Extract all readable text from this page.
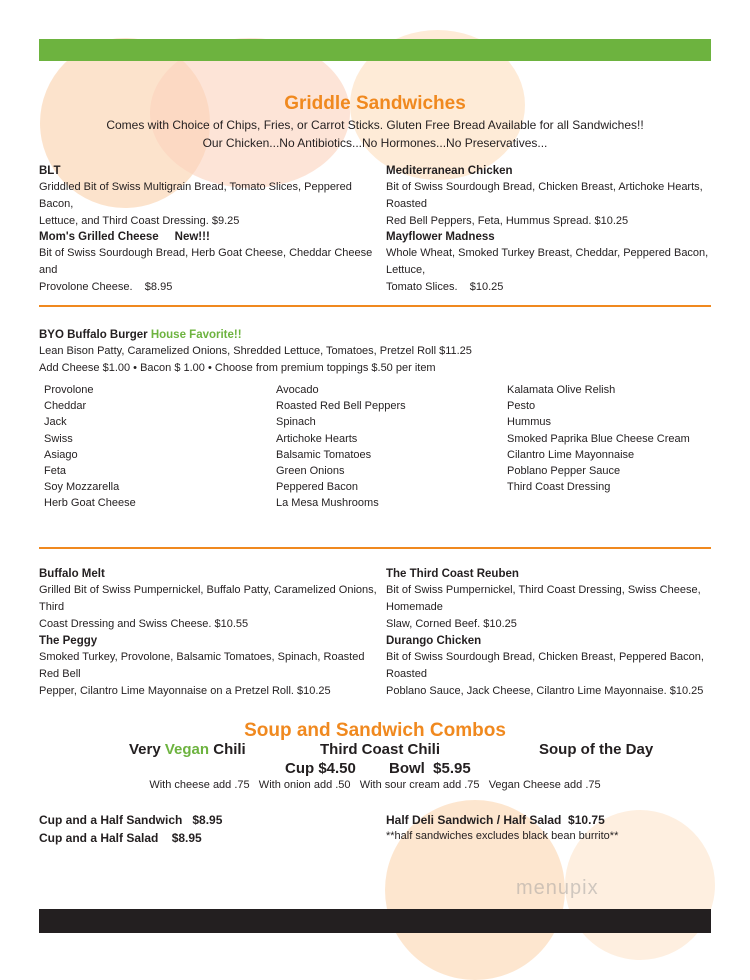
Griddle Sandwiches
Comes with Choice of Chips, Fries, or Carrot Sticks. Gluten Free Bread Available for all Sandwiches!!
Our Chicken...No Antibiotics...No Hormones...No Preservatives...
BLT
Griddled Bit of Swiss Multigrain Bread, Tomato Slices, Peppered Bacon,
Lettuce, and Third Coast Dressing. $9.25
Mom's Grilled Cheese     New!!!
Bit of Swiss Sourdough Bread, Herb Goat Cheese, Cheddar Cheese and
Provolone Cheese.    $8.95
Mediterranean Chicken
Bit of Swiss Sourdough Bread, Chicken Breast, Artichoke Hearts, Roasted
Red Bell Peppers, Feta, Hummus Spread. $10.25
Mayflower Madness
Whole Wheat, Smoked Turkey Breast, Cheddar, Peppered Bacon, Lettuce,
Tomato Slices.    $10.25
BYO Buffalo Burger House Favorite!!
Lean Bison Patty, Caramelized Onions, Shredded Lettuce, Tomatoes, Pretzel Roll $11.25
Add Cheese $1.00 • Bacon $ 1.00 • Choose from premium toppings $.50 per item
Provolone
Cheddar
Jack
Swiss
Asiago
Feta
Soy Mozzarella
Herb Goat Cheese
Avocado
Roasted Red Bell Peppers
Spinach
Artichoke Hearts
Balsamic Tomatoes
Green Onions
Peppered Bacon
La Mesa Mushrooms
Kalamata Olive Relish
Pesto
Hummus
Smoked Paprika Blue Cheese Cream
Cilantro Lime Mayonnaise
Poblano Pepper Sauce
Third Coast Dressing
Buffalo Melt
Grilled Bit of Swiss Pumpernickel, Buffalo Patty, Caramelized Onions, Third
Coast Dressing and Swiss Cheese. $10.55
The Peggy
Smoked Turkey, Provolone, Balsamic Tomatoes, Spinach, Roasted Red Bell
Pepper, Cilantro Lime Mayonnaise on a Pretzel Roll. $10.25
The Third Coast Reuben
Bit of Swiss Pumpernickel, Third Coast Dressing, Swiss Cheese, Homemade
Slaw, Corned Beef. $10.25
Durango Chicken
Bit of Swiss Sourdough Bread, Chicken Breast, Peppered Bacon, Roasted
Poblano Sauce, Jack Cheese, Cilantro Lime Mayonnaise. $10.25
Soup and Sandwich Combos
Very Vegan Chili	Third Coast Chili	Soup of the Day
Cup $4.50 Bowl  $5.95
With cheese add .75   With onion add .50   With sour cream add .75   Vegan Cheese add .75
Cup and a Half Sandwich   $8.95
Cup and a Half Salad    $8.95
Half Deli Sandwich / Half Salad  $10.75
**half sandwiches excludes black bean burrito**
menupix
